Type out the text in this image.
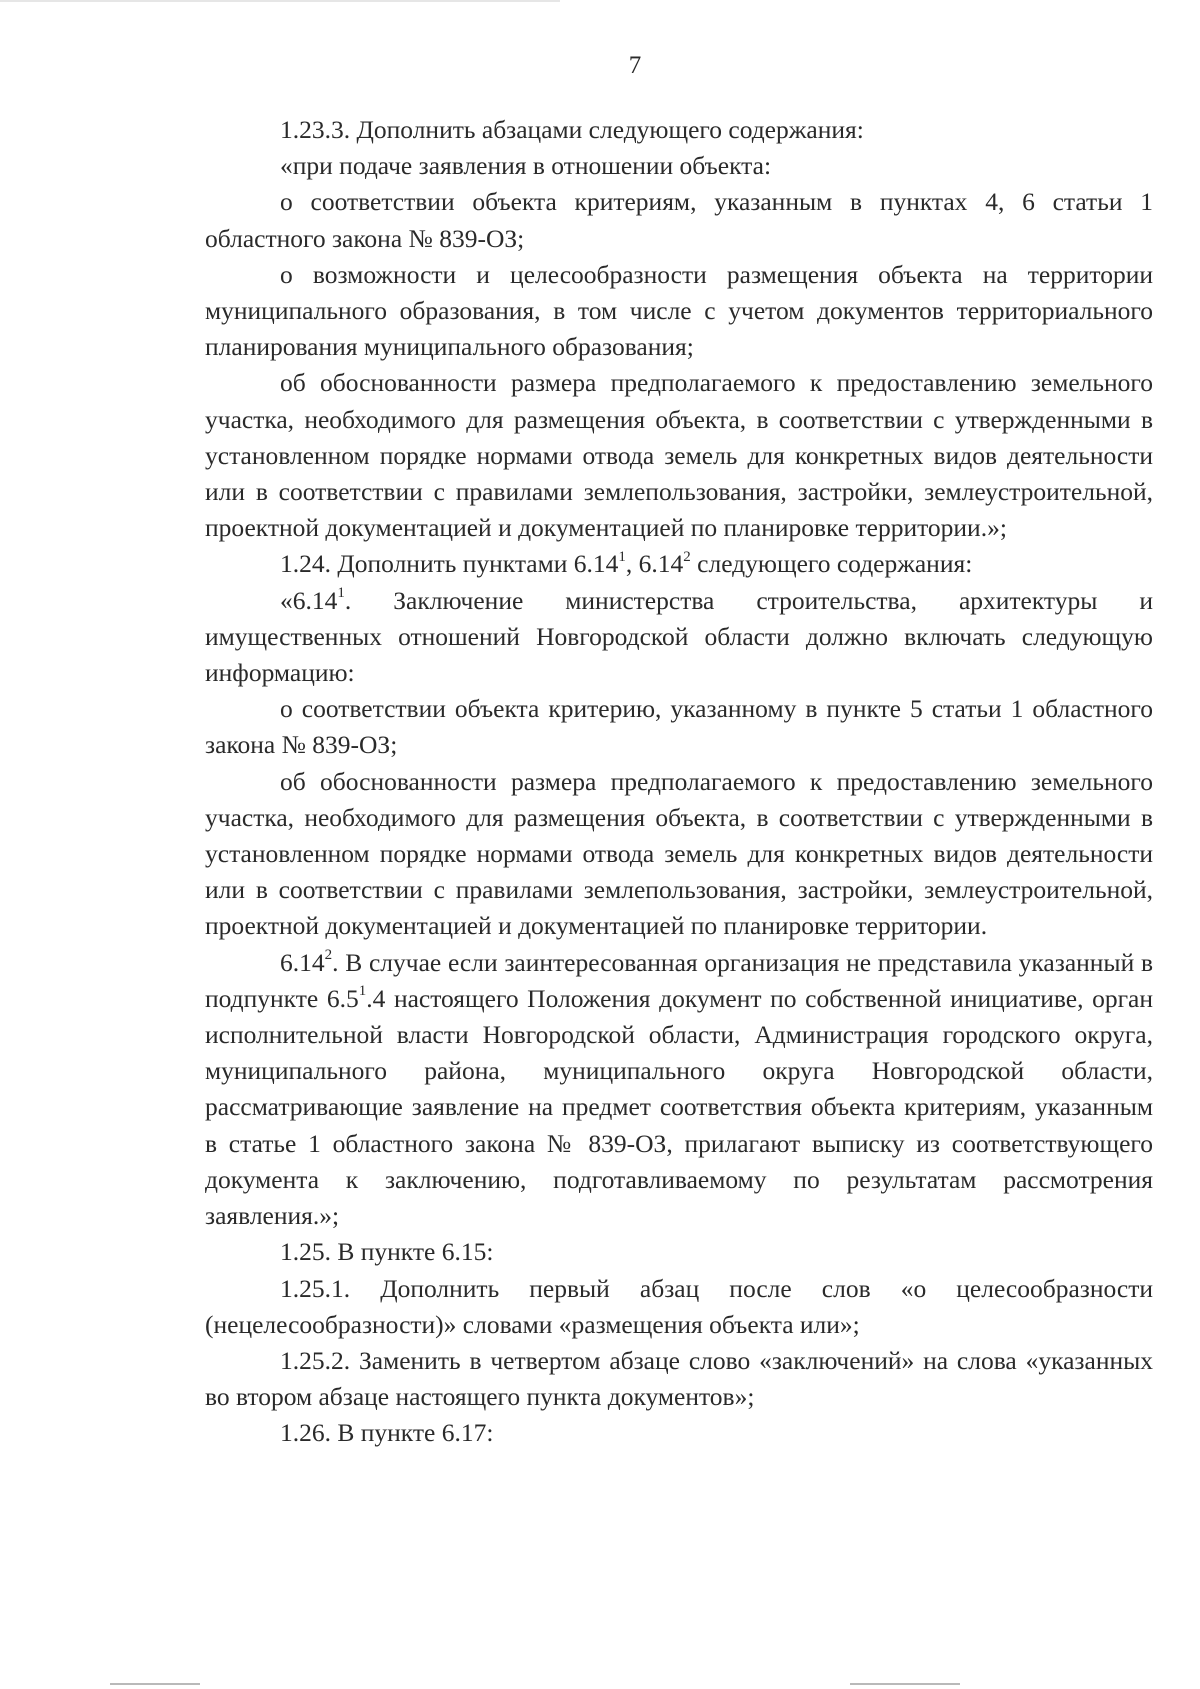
7

1.23.3. Дополнить абзацами следующего содержания:

«при подаче заявления в отношении объекта:

о соответствии объекта критериям, указанным в пунктах 4, 6 статьи 1 областного закона № 839-ОЗ;

о возможности и целесообразности размещения объекта на территории муниципального образования, в том числе с учетом документов территориального планирования муниципального образования;

об обоснованности размера предполагаемого к предоставлению земельного участка, необходимого для размещения объекта, в соответствии с утвержденными в установленном порядке нормами отвода земель для конкретных видов деятельности или в соответствии с правилами землепользования, застройки, землеустроительной, проектной документацией и документацией по планировке территории.»;

1.24. Дополнить пунктами 6.14$^1$, 6.14$^2$ следующего содержания:

«6.14$^1$. Заключение министерства строительства, архитектуры и имущественных отношений Новгородской области должно включать следующую информацию:

о соответствии объекта критерию, указанному в пункте 5 статьи 1 областного закона № 839-ОЗ;

об обоснованности размера предполагаемого к предоставлению земельного участка, необходимого для размещения объекта, в соответствии с утвержденными в установленном порядке нормами отвода земель для конкретных видов деятельности или в соответствии с правилами землепользования, застройки, землеустроительной, проектной документацией и документацией по планировке территории.

6.14$^2$. В случае если заинтересованная организация не представила указанный в подпункте $6.5^1.4$ настоящего Положения документ по собственной инициативе, орган исполнительной власти Новгородской области, Администрация городского округа, муниципального района, муниципального округа Новгородской области, рассматривающие заявление на предмет соответствия объекта критериям, указанным в статье 1 областного закона № 839-ОЗ, прилагают выписку из соответствующего документа к заключению, подготавливаемому по результатам рассмотрения заявления.»;

1.25. В пункте 6.15:

1.25.1. Дополнить первый абзац после слов «о целесообразности (нецелесообразности)» словами «размещения объекта или»;

1.25.2. Заменить в четвертом абзаце слово «заключений» на слова «указанных во втором абзаце настоящего пункта документов»;

1.26. В пункте 6.17:
